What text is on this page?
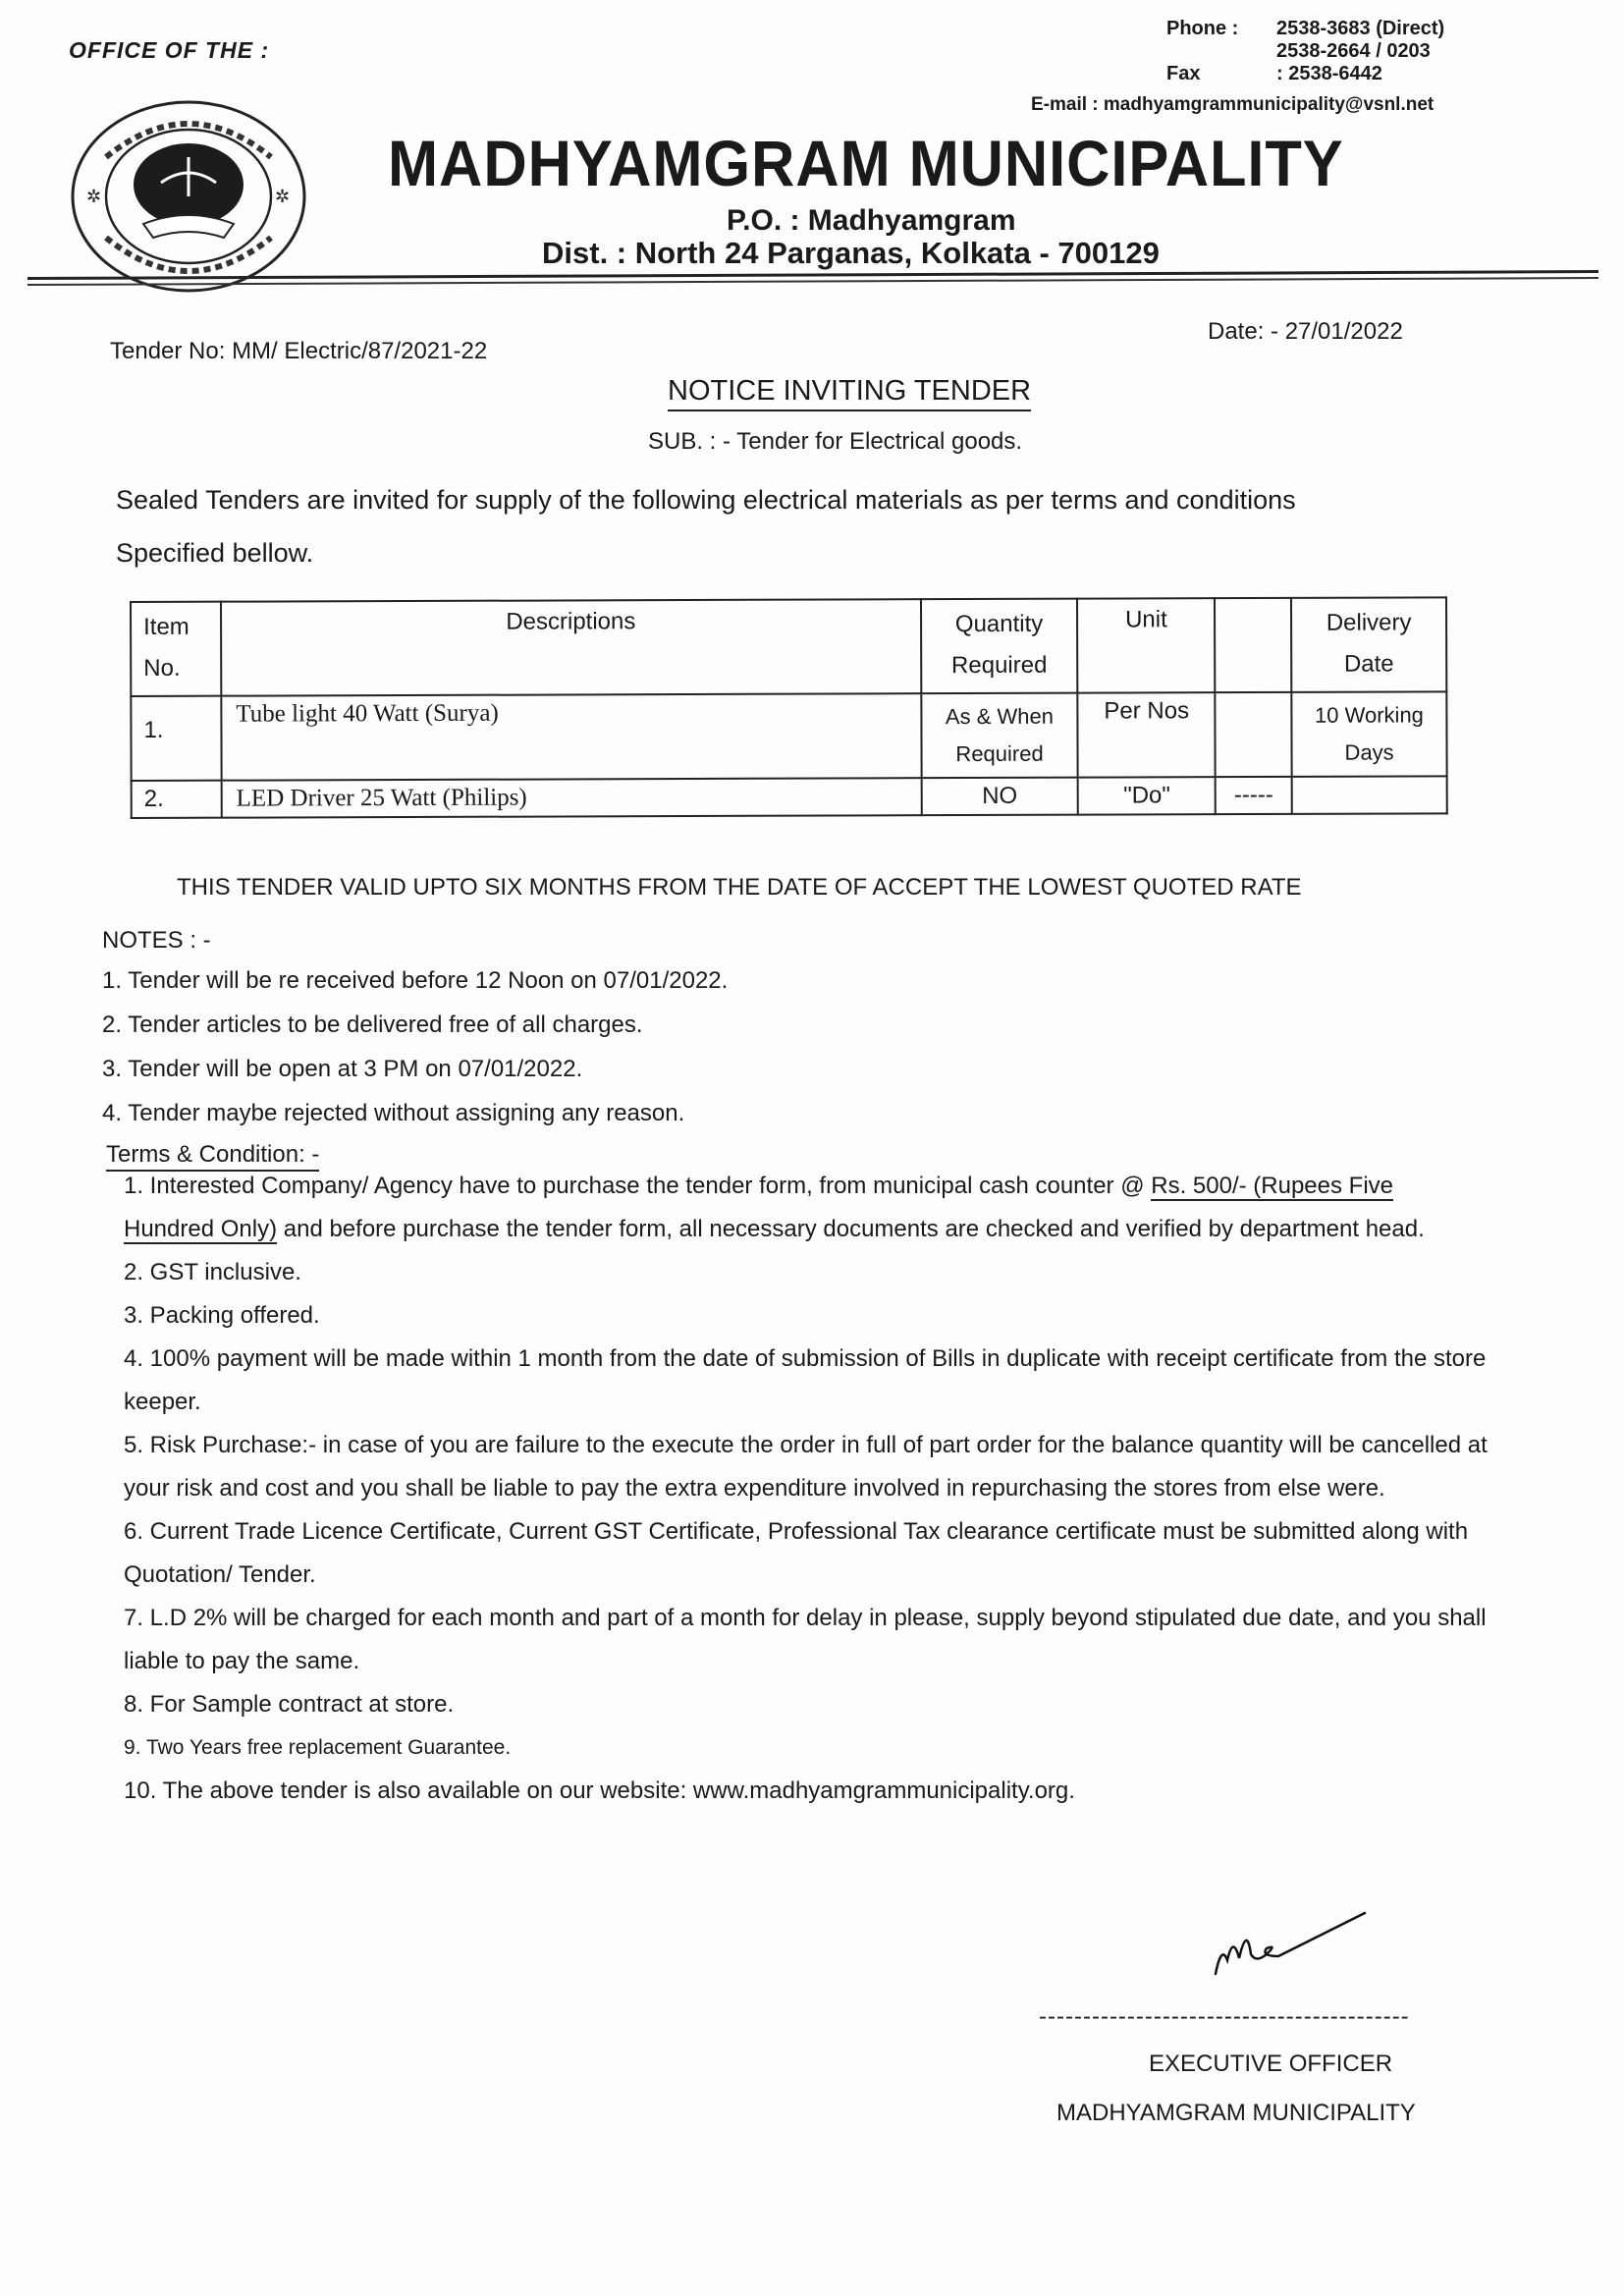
OFFICE OF THE :
Phone :	2538-3683 (Direct)
2538-2664 / 0203
Fax	: 2538-6442
E-mail : madhyamgrammunicipality@vsnl.net
✲	✲ MADHYAMGRAM MUNICIPALITY
P.O. : Madhyamgram
Dist. : North 24 Parganas, Kolkata - 700129
Tender No: MM/ Electric/87/2021-22
Date: - 27/01/2022
NOTICE INVITING TENDER
SUB. : - Tender for Electrical goods.
Sealed Tenders are invited for supply of the following electrical materials as per terms and conditions
Specified bellow.
Item No.	Descriptions	Quantity Required	Unit		Delivery Date
1.	Tube light 40 Watt (Surya)	As & When Required	Per Nos		10 Working Days
2.	LED Driver 25 Watt (Philips)	NO	"Do"	-----	
THIS TENDER VALID UPTO SIX MONTHS FROM THE DATE OF ACCEPT THE LOWEST QUOTED RATE
NOTES : -
1. Tender will be re received before 12 Noon on 07/01/2022.
2. Tender articles to be delivered free of all charges.
3. Tender will be open at 3 PM on 07/01/2022.
4. Tender maybe rejected without assigning any reason.
Terms & Condition: -
1. Interested Company/ Agency have to purchase the tender form, from municipal cash counter @ Rs. 500/- (Rupees Five
Hundred Only) and before purchase the tender form, all necessary documents are checked and verified by department head.
2. GST inclusive.
3. Packing offered.
4. 100% payment will be made within 1 month from the date of submission of Bills in duplicate with receipt certificate from the store keeper.
5. Risk Purchase:- in case of you are failure to the execute the order in full of part order for the balance quantity will be cancelled at your risk and cost and you shall be liable to pay the extra expenditure involved in repurchasing the stores from else were.
6. Current Trade Licence Certificate, Current GST Certificate, Professional Tax clearance certificate must be submitted along with Quotation/ Tender.
7. L.D 2% will be charged for each month and part of a month for delay in please, supply beyond stipulated due date, and you shall liable to pay the same.
8. For Sample contract at store.
9. Two Years free replacement Guarantee.
10. The above tender is also available on our website: www.madhyamgrammunicipality.org.
------------------------------------------
EXECUTIVE OFFICER
MADHYAMGRAM MUNICIPALITY
